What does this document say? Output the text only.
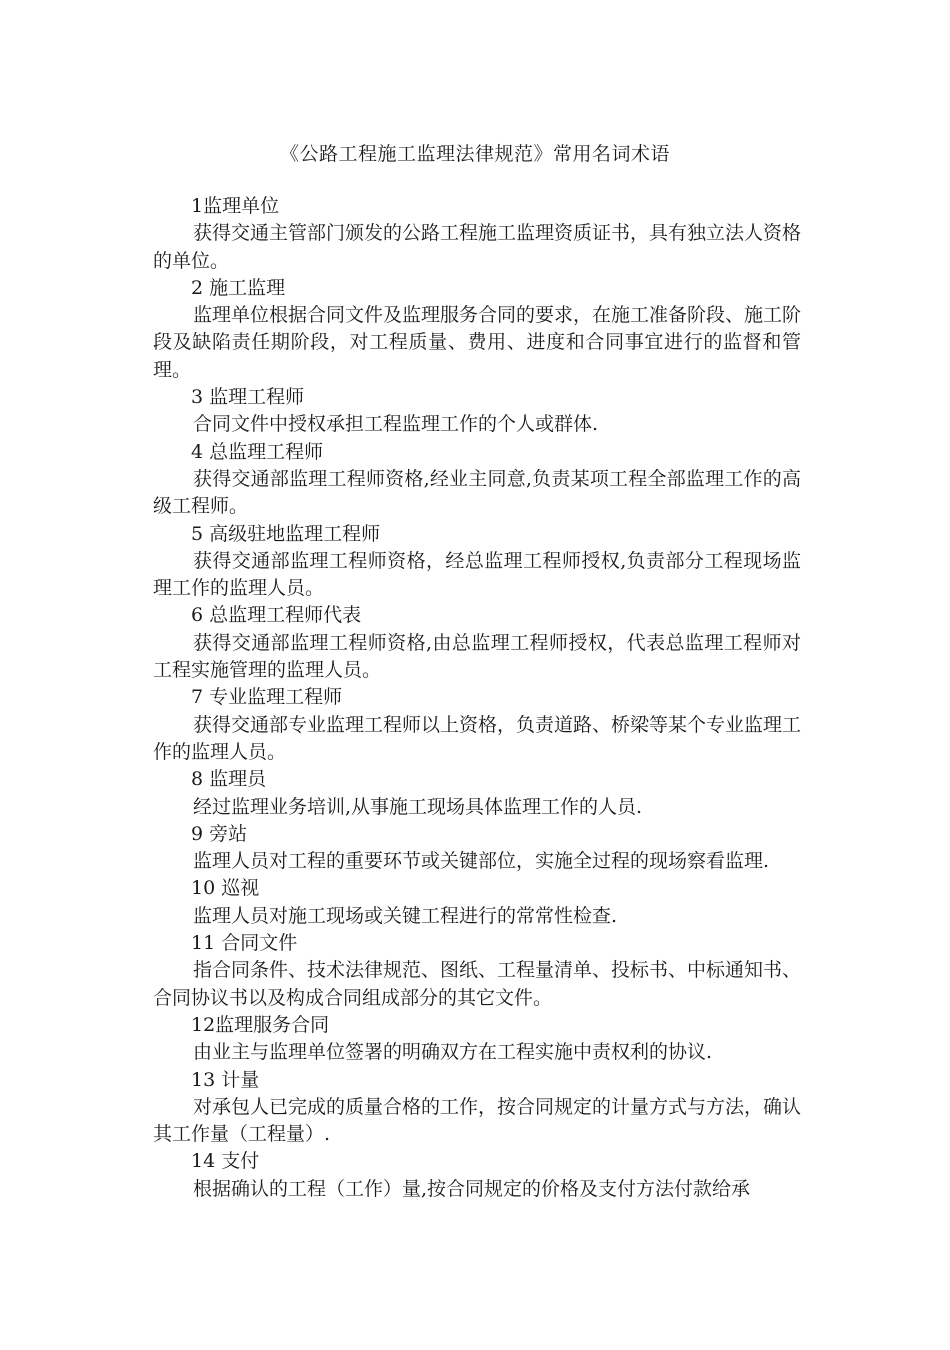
《公路工程施工监理法律规范》常用名词术语

1监理单位

获得交通主管部门颁发的公路工程施工监理资质证书，具有独立法人资格的单位。

2 施工监理

监理单位根据合同文件及监理服务合同的要求，在施工准备阶段、施工阶段及缺陷责任期阶段，对工程质量、费用、进度和合同事宜进行的监督和管理。

3 监理工程师

合同文件中授权承担工程监理工作的个人或群体.

4 总监理工程师

获得交通部监理工程师资格,经业主同意,负责某项工程全部监理工作的高级工程师。

5 高级驻地监理工程师

获得交通部监理工程师资格，经总监理工程师授权,负责部分工程现场监理工作的监理人员。

6 总监理工程师代表

获得交通部监理工程师资格,由总监理工程师授权，代表总监理工程师对工程实施管理的监理人员。

7 专业监理工程师

获得交通部专业监理工程师以上资格，负责道路、桥梁等某个专业监理工作的监理人员。

8 监理员

经过监理业务培训,从事施工现场具体监理工作的人员.

9 旁站

监理人员对工程的重要环节或关键部位，实施全过程的现场察看监理.

10 巡视

监理人员对施工现场或关键工程进行的常常性检查.

11 合同文件

指合同条件、技术法律规范、图纸、工程量清单、投标书、中标通知书、合同协议书以及构成合同组成部分的其它文件。

12监理服务合同

由业主与监理单位签署的明确双方在工程实施中责权利的协议.

13 计量

对承包人已完成的质量合格的工作，按合同规定的计量方式与方法，确认其工作量（工程量）.

14 支付

根据确认的工程（工作）量,按合同规定的价格及支付方法付款给承
